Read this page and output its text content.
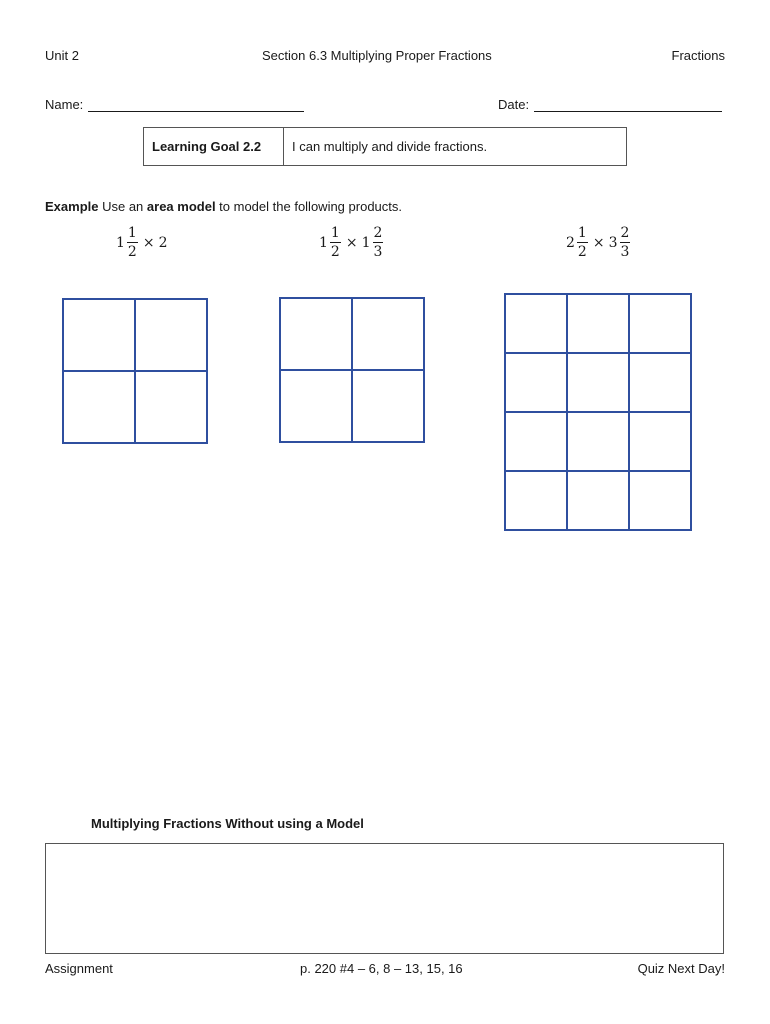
Unit 2	Section 6.3 Multiplying Proper Fractions	Fractions
Name:	Date:
Learning Goal 2.2	I can multiply and divide fractions.
Example Use an area model to model the following products.
$1 \frac{1}{2} \times 2$	$1 \frac{1}{2} \times 1 \frac{2}{3}$	$2 \frac{1}{2} \times 3 \frac{2}{3}$
Multiplying Fractions Without using a Model
Assignment	p. 220 #4 – 6, 8 – 13, 15, 16	Quiz Next Day!
